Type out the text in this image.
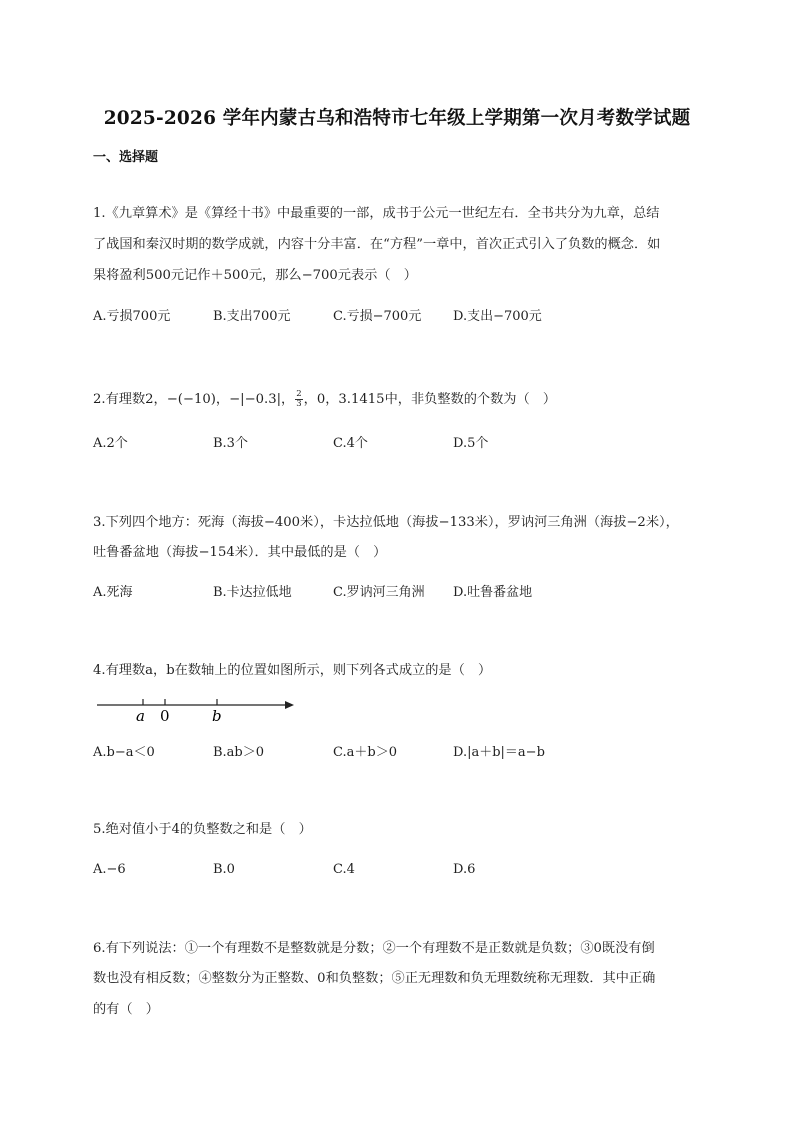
2025-2026 学年内蒙古乌和浩特市七年级上学期第一次月考数学试题
一、选择题
1.《九章算术》是《算经十书》中最重要的一部，成书于公元一世纪左右．全书共分为九章，总结
了战国和秦汉时期的数学成就，内容十分丰富．在“方程”一章中，首次正式引入了负数的概念．如
果将盈利500元记作＋500元，那么−700元表示（　）
A.亏损700元	B.支出700元	C.亏损−700元 D.支出−700元
2.有理数2，−(−10)，−|−0.3|， $\frac{2}{3}$ ，0，3.1415中，非负整数的个数为（　）
A.2个	B.3个	C.4个	D.5个
3.下列四个地方：死海（海拔−400米），卡达拉低地（海拔−133米），罗讷河三角洲（海拔−2米），
吐鲁番盆地（海拔−154米）．其中最低的是（　）
A.死海	B.卡达拉低地	C.罗讷河三角洲 D.吐鲁番盆地
4.有理数a，b在数轴上的位置如图所示，则下列各式成立的是（　）
a 0	b
A.b−a＜0	B.ab＞0	C.a＋b＞0	D.|a＋b|＝a−b
5.绝对值小于4的负整数之和是（　）
A.−6	B.0	C.4	D.6
6.有下列说法：①一个有理数不是整数就是分数；②一个有理数不是正数就是负数；③0既没有倒
数也没有相反数；④整数分为正整数、0和负整数；⑤正无理数和负无理数统称无理数．其中正确
的有（　）
